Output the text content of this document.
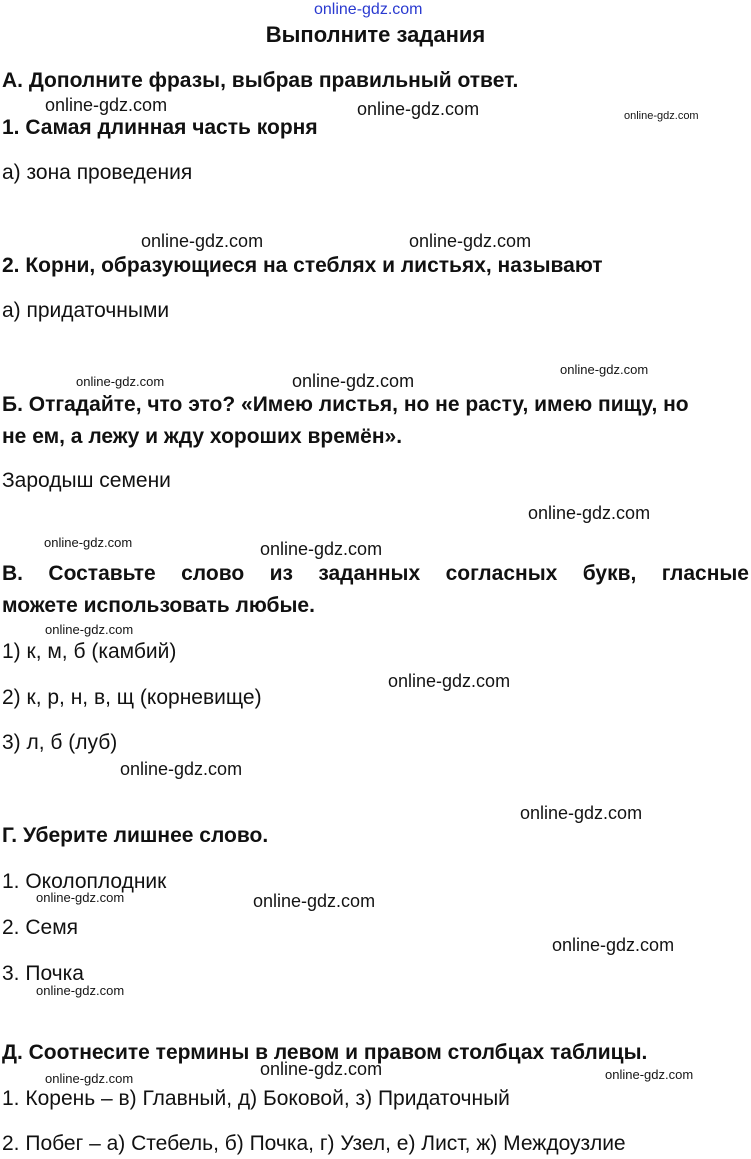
online-gdz.com
Выполните задания
А. Дополните фразы, выбрав правильный ответ.
1. Самая длинная часть корня
а) зона проведения
2. Корни, образующиеся на стеблях и листьях, называют
а) придаточными
Б. Отгадайте, что это? «Имею листья, но не расту, имею пищу, но
не ем, а лежу и жду хороших времён».
Зародыш семени
В. Составьте слово из заданных согласных букв, гласные
можете использовать любые.
1) к, м, б (камбий)
2) к, р, н, в, щ (корневище)
3) л, б (луб)
Г. Уберите лишнее слово.
1. Околоплодник
2. Семя
3. Почка
Д. Соотнесите термины в левом и правом столбцах таблицы.
1. Корень – в) Главный, д) Боковой, з) Придаточный
2. Побег – а) Стебель, б) Почка, г) Узел, е) Лист, ж) Междоузлие
online-gdz.com	online-gdz.com	online-gdz.com
online-gdz.com	online-gdz.com
online-gdz.com
online-gdz.com	online-gdz.com
online-gdz.com
online-gdz.com	online-gdz.com
online-gdz.com
online-gdz.com
online-gdz.com
online-gdz.com
online-gdz.com	online-gdz.com
online-gdz.com
online-gdz.com
online-gdz.com
online-gdz.com	online-gdz.com
